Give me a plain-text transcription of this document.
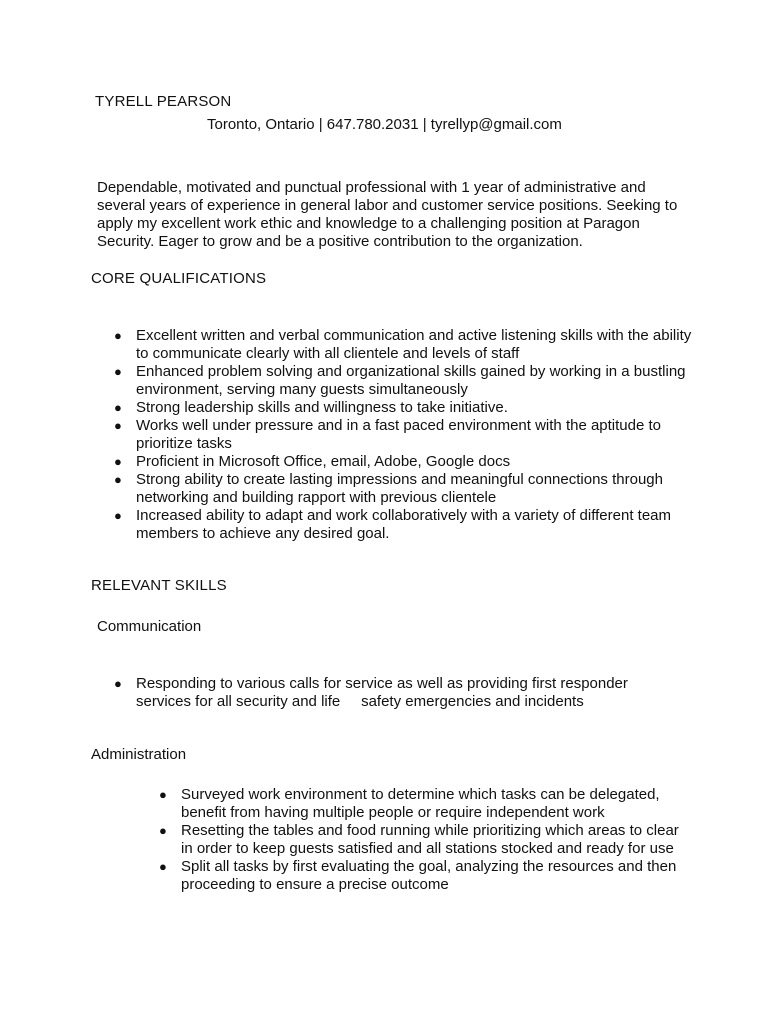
TYRELL PEARSON

Toronto, Ontario | 647.780.2031 | tyrellyp@gmail.com

Dependable, motivated and punctual professional with 1 year of administrative and several years of experience in general labor and customer service positions. Seeking to apply my excellent work ethic and knowledge to a challenging position at Paragon Security. Eager to grow and be a positive contribution to the organization.

CORE QUALIFICATIONS
● Excellent written and verbal communication and active listening skills with the ability to communicate clearly with all clientele and levels of staff
● Enhanced problem solving and organizational skills gained by working in a bustling environment, serving many guests simultaneously
● Strong leadership skills and willingness to take initiative.
● Works well under pressure and in a fast paced environment with the aptitude to prioritize tasks
● Proficient in Microsoft Office, email, Adobe, Google docs
● Strong ability to create lasting impressions and meaningful connections through networking and building rapport with previous clientele
● Increased ability to adapt and work collaboratively with a variety of different team members to achieve any desired goal.
RELEVANT SKILLS
Communication
● Responding to various calls for service as well as providing first responder services for all security and life     safety emergencies and incidents
Administration
● Surveyed work environment to determine which tasks can be delegated, benefit from having multiple people or require independent work
● Resetting the tables and food running while prioritizing which areas to clear in order to keep guests satisfied and all stations stocked and ready for use
● Split all tasks by first evaluating the goal, analyzing the resources and then proceeding to ensure a precise outcome
